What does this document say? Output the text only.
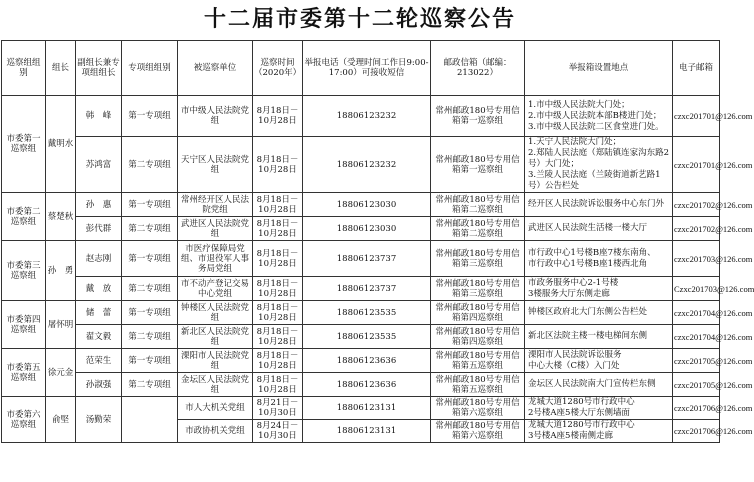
十二届市委第十二轮巡察公告
巡察组组别	组长	副组长兼专项组组长	专项组组别	被巡察单位	巡察时间（2020年）	举报电话（受理时间工作日9:00-17:00）可接收短信	邮政信箱（邮编：213022）	举报箱设置地点	电子邮箱
市委第一巡察组	戴明水	韩　峰	第一专项组	市中级人民法院党组	8月18日－10月28日	18806123232	常州邮政180号专用信箱第一巡察组	1.市中级人民法院大门处；
2.市中级人民法院本部B楼进门处；
3.市中级人民法院二区食堂进门处。	czxc201701@126.com
		苏鸿富	第二专项组	天宁区人民法院党组	8月18日－10月28日	18806123232	常州邮政180号专用信箱第一巡察组	1.天宁人民法院大门处；
2.郑陆人民法庭（郑陆镇连家沟东路2号）大门处；
3.兰陵人民法庭（兰陵街道新艺路1号）公告栏处	czxc201701@126.com
市委第二巡察组	蔡楚秋	孙　惠	第一专项组	常州经开区人民法院党组	8月18日－10月28日	18806123030	常州邮政180号专用信箱第二巡察组	经开区人民法院诉讼服务中心东门外	czxc201702@126.com
		彭代群	第二专项组	武进区人民法院党组	8月18日－10月28日	18806123030	常州邮政180号专用信箱第二巡察组	武进区人民法院生活楼一楼大厅	czxc201702@126.com
市委第三巡察组	孙　勇	赵志刚	第一专项组	市医疗保障局党组、市退役军人事务局党组	8月18日－10月28日	18806123737	常州邮政180号专用信箱第三巡察组	市行政中心1号楼B座7楼东南角、
市行政中心1号楼B座1楼西北角	czxc201703@126.com
		戴　放	第二专项组	市不动产登记交易中心党组	8月18日－10月28日	18806123737	常州邮政180号专用信箱第三巡察组	市政务服务中心2-1号楼
3楼服务大厅东侧走廊	Czxc201703@126.com
市委第四巡察组	屠怀明	储　蕾	第一专项组	钟楼区人民法院党组	8月18日－10月28日	18806123535	常州邮政180号专用信箱第四巡察组	钟楼区政府北大门东侧公告栏处	czxc201704@126.com
		翟文毅	第二专项组	新北区人民法院党组	8月18日－10月28日	18806123535	常州邮政180号专用信箱第四巡察组	新北区法院主楼一楼电梯间东侧	czxc201704@126.com
市委第五巡察组	徐元金	范荣生	第一专项组	溧阳市人民法院党组	8月18日－10月28日	18806123636	常州邮政180号专用信箱第五巡察组	溧阳市人民法院诉讼服务
中心大楼（C楼）入门处	czxc201705@126.com
		孙淑强	第二专项组	金坛区人民法院党组	8月18日－10月28日	18806123636	常州邮政180号专用信箱第五巡察组	金坛区人民法院南大门宣传栏东侧	czxc201705@126.com
市委第六巡察组	俞堅	汤勤荣		市人大机关党组	8月21日－10月30日	18806123131	常州邮政180号专用信箱第六巡察组	龙城大道1280号市行政中心
2号楼A座5楼大厅东侧墙面	czxc201706@126.com
				市政协机关党组	8月24日－10月30日	18806123131	常州邮政180号专用信箱第六巡察组	龙城大道1280号市行政中心
3号楼A座5楼南侧走廊	czxc201706@126.com
